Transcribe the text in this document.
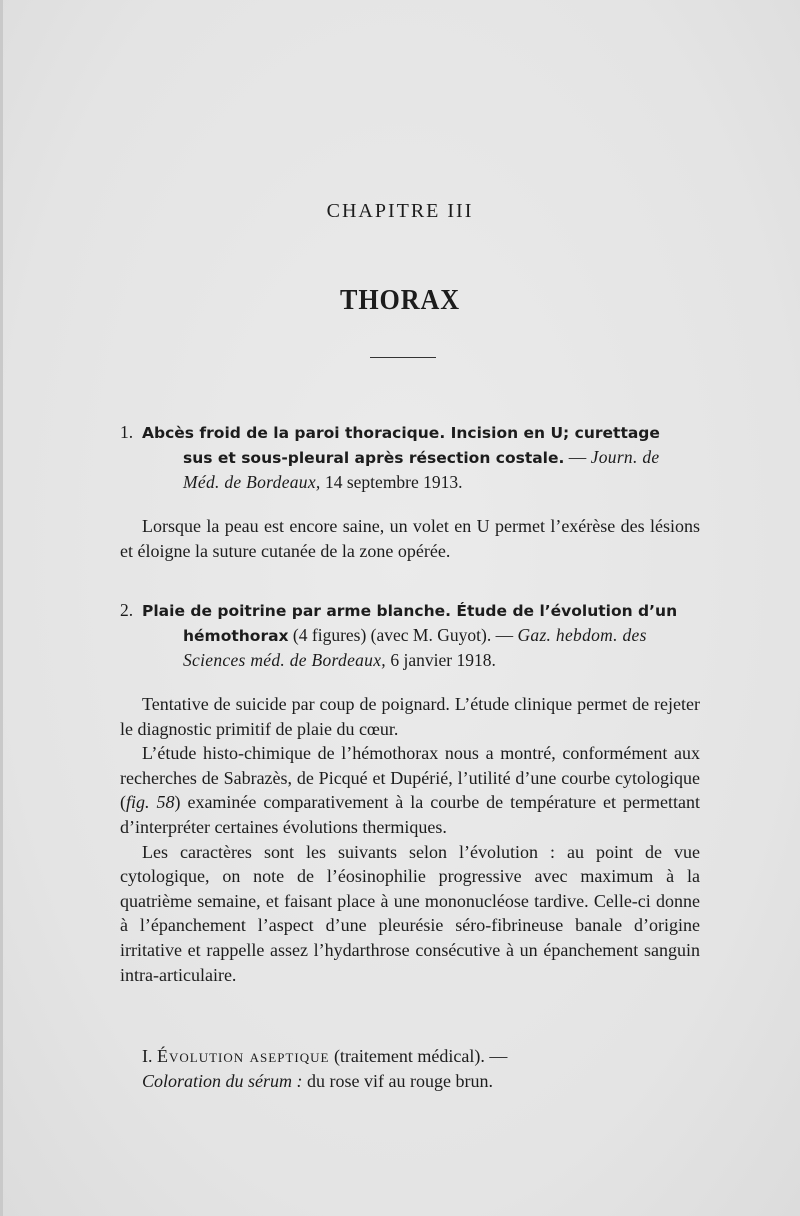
CHAPITRE III
THORAX
1. Abcès froid de la paroi thoracique. Incision en U; curettage
sus et sous-pleural après résection costale. — Journ. de
Méd. de Bordeaux, 14 septembre 1913.

Lorsque la peau est encore saine, un volet en U permet l’exérèse des lésions et éloigne la suture cutanée de la zone opérée.

2. Plaie de poitrine par arme blanche. Étude de l’évolution d’un
hémothorax (4 figures) (avec M. Guyot). — Gaz. hebdom. des
Sciences méd. de Bordeaux, 6 janvier 1918.

Tentative de suicide par coup de poignard. L’étude clinique permet de rejeter le diagnostic primitif de plaie du cœur.

L’étude histo-chimique de l’hémothorax nous a montré, conformément aux recherches de Sabrazès, de Picqué et Dupérié, l’utilité d’une courbe cytologique (fig. 58) examinée comparativement à la courbe de température et permettant d’interpréter certaines évolutions thermiques.

Les caractères sont les suivants selon l’évolution : au point de vue cytologique, on note de l’éosinophilie progressive avec maximum à la quatrième semaine, et faisant place à une mononucléose tardive. Celle-ci donne à l’épanchement l’aspect d’une pleurésie séro-fibrineuse banale d’origine irritative et rappelle assez l’hydarthrose consécutive à un épanchement sanguin intra-articulaire.

I. Évolution aseptique (traitement médical). —

Coloration du sérum : du rose vif au rouge brun.
